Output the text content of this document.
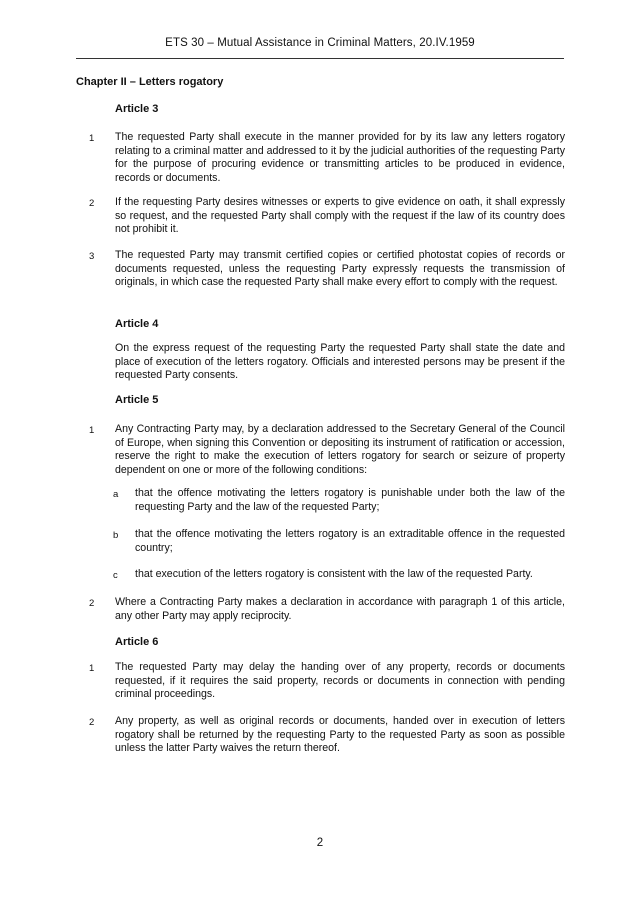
ETS 30 – Mutual Assistance in Criminal Matters, 20.IV.1959
Chapter II – Letters rogatory
Article 3
1 The requested Party shall execute in the manner provided for by its law any letters rogatory relating to a criminal matter and addressed to it by the judicial authorities of the requesting Party for the purpose of procuring evidence or transmitting articles to be produced in evidence, records or documents.
2 If the requesting Party desires witnesses or experts to give evidence on oath, it shall expressly so request, and the requested Party shall comply with the request if the law of its country does not prohibit it.
3 The requested Party may transmit certified copies or certified photostat copies of records or documents requested, unless the requesting Party expressly requests the transmission of originals, in which case the requested Party shall make every effort to comply with the request.
Article 4
On the express request of the requesting Party the requested Party shall state the date and place of execution of the letters rogatory. Officials and interested persons may be present if the requested Party consents.
Article 5
1 Any Contracting Party may, by a declaration addressed to the Secretary General of the Council of Europe, when signing this Convention or depositing its instrument of ratification or accession, reserve the right to make the execution of letters rogatory for search or seizure of property dependent on one or more of the following conditions:
a that the offence motivating the letters rogatory is punishable under both the law of the requesting Party and the law of the requested Party;
b that the offence motivating the letters rogatory is an extraditable offence in the requested country;
c that execution of the letters rogatory is consistent with the law of the requested Party.
2 Where a Contracting Party makes a declaration in accordance with paragraph 1 of this article, any other Party may apply reciprocity.
Article 6
1 The requested Party may delay the handing over of any property, records or documents requested, if it requires the said property, records or documents in connection with pending criminal proceedings.
2 Any property, as well as original records or documents, handed over in execution of letters rogatory shall be returned by the requesting Party to the requested Party as soon as possible unless the latter Party waives the return thereof.
2
